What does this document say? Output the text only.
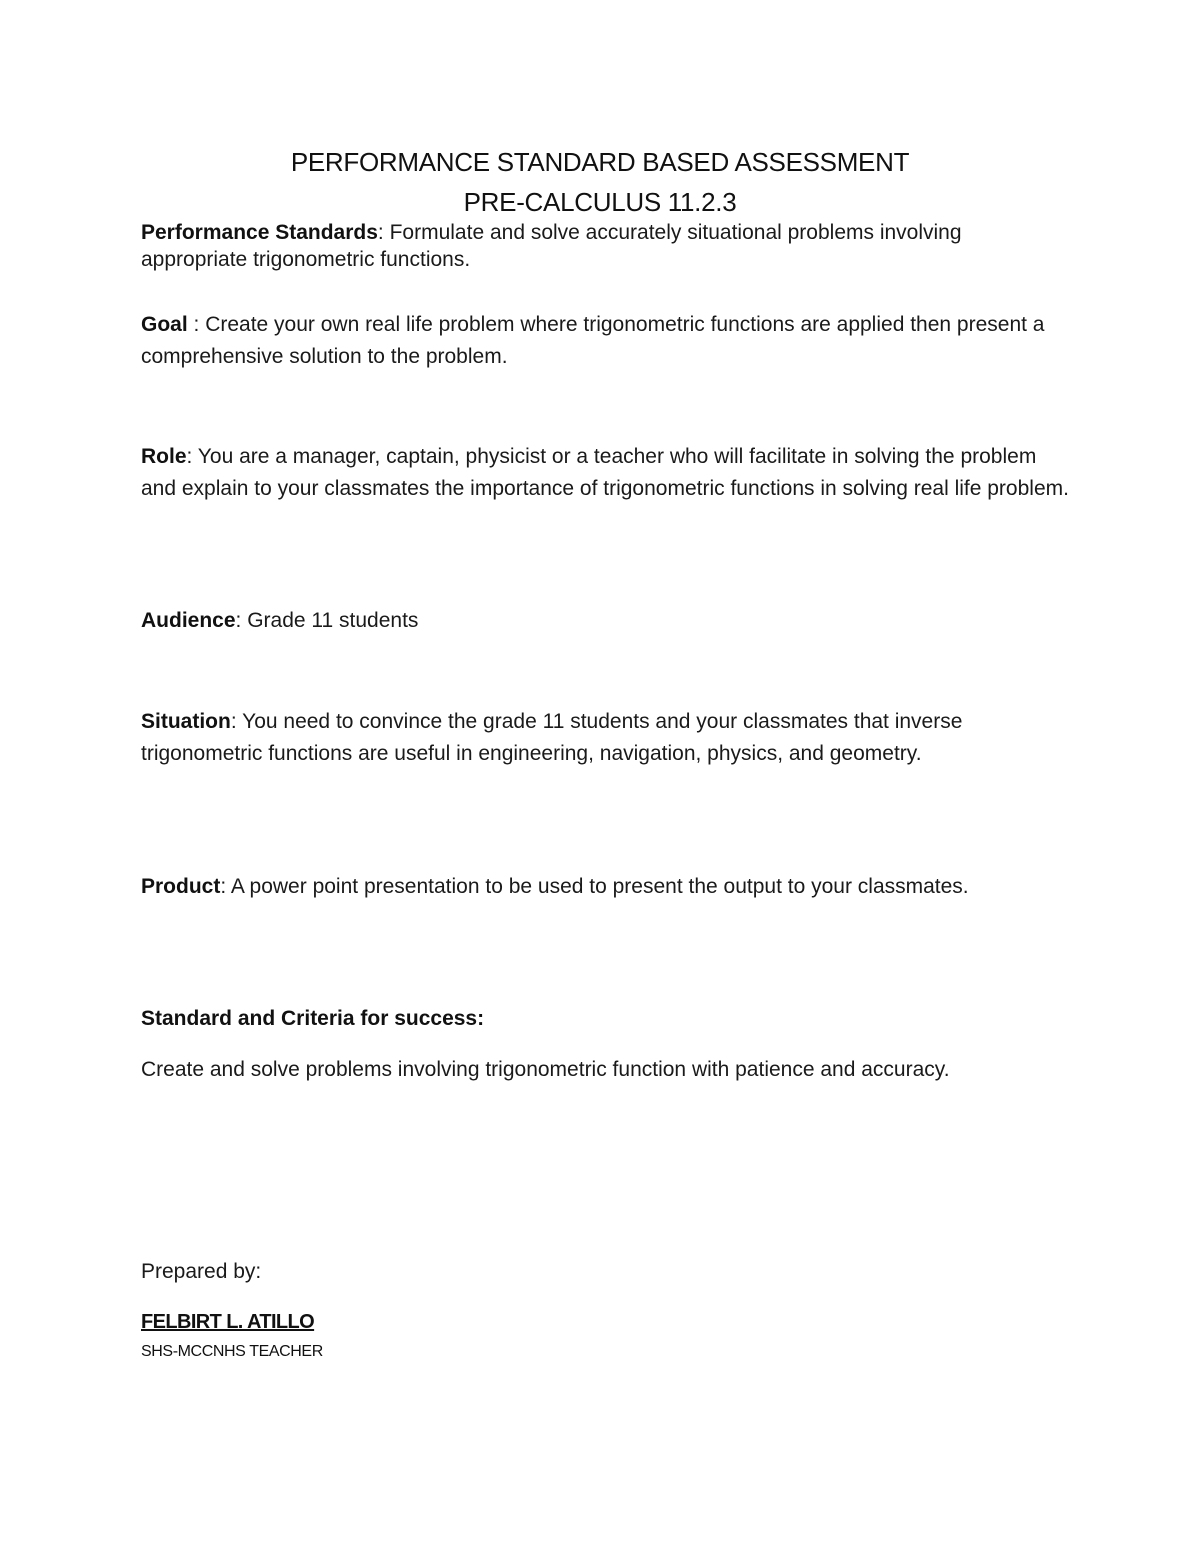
PERFORMANCE STANDARD BASED ASSESSMENT
PRE-CALCULUS 11.2.3

Performance Standards: Formulate and solve accurately situational problems involving appropriate trigonometric functions.

Goal : Create your own real life problem where trigonometric functions are applied then present a comprehensive solution to the problem.

Role: You are a manager, captain, physicist or a teacher who will facilitate in solving the problem and explain to your classmates the importance of trigonometric functions in solving real life problem.

Audience: Grade 11 students

Situation: You need to convince the grade 11 students and your classmates that inverse trigonometric functions are useful in engineering, navigation, physics, and geometry.

Product: A power point presentation to be used to present the output to your classmates.

Standard and Criteria for success:

Create and solve problems involving trigonometric function with patience and accuracy.

Prepared by:

FELBIRT L. ATILLO
SHS-MCCNHS TEACHER
